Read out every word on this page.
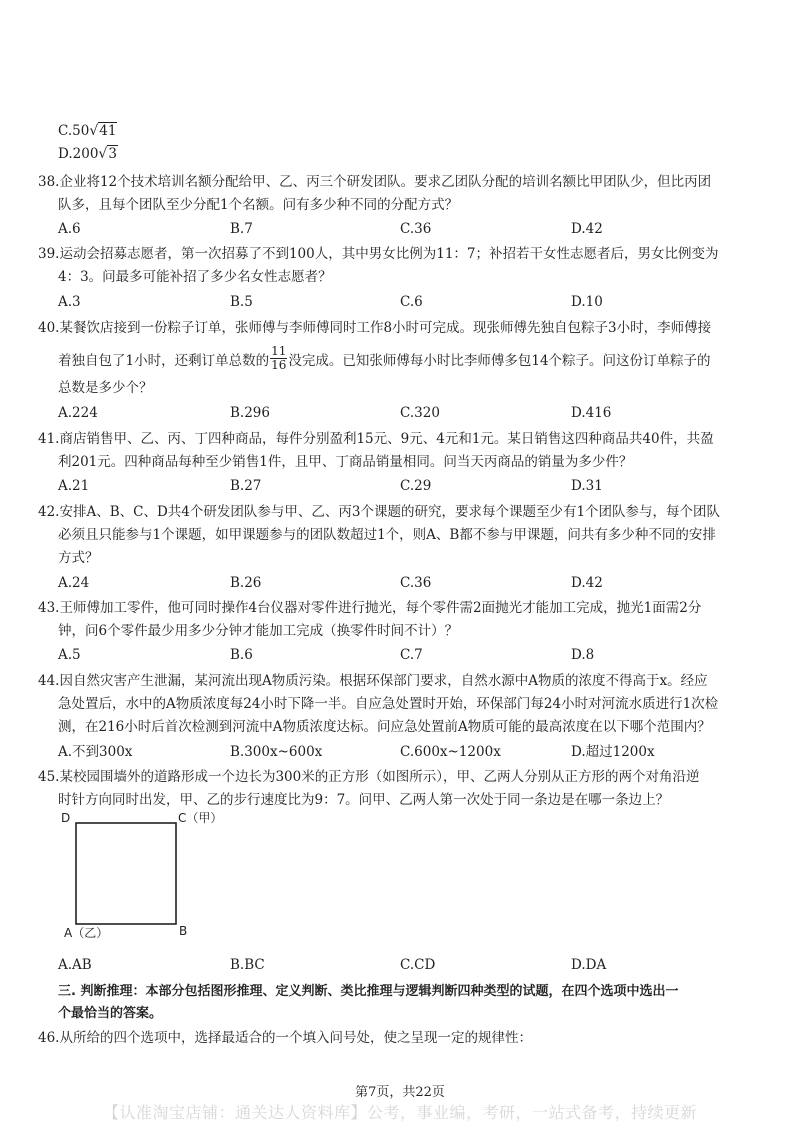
C.50√41
D.200√3
38.企业将12个技术培训名额分配给甲、乙、丙三个研发团队。要求乙团队分配的培训名额比甲团队少，但比丙团
队多，且每个团队至少分配1个名额。问有多少种不同的分配方式？
A.6	B.7	C.36	D.42
39.运动会招募志愿者，第一次招募了不到100人，其中男女比例为11：7；补招若干女性志愿者后，男女比例变为
4：3。问最多可能补招了多少名女性志愿者？
A.3	B.5	C.6	D.10
40.某餐饮店接到一份粽子订单，张师傅与李师傅同时工作8小时可完成。现张师傅先独自包粽子3小时，李师傅接
着独自包了1小时，还剩订单总数的 $\frac{11}{16}$ 没完成。已知张师傅每小时比李师傅多包14个粽子。问这份订单粽子的
总数是多少个？
A.224	B.296	C.320	D.416
41.商店销售甲、乙、丙、丁四种商品，每件分别盈利15元、9元、4元和1元。某日销售这四种商品共40件，共盈
利201元。四种商品每种至少销售1件，且甲、丁商品销量相同。问当天丙商品的销量为多少件？
A.21	B.27	C.29	D.31
42.安排A、B、C、D共4个研发团队参与甲、乙、丙3个课题的研究，要求每个课题至少有1个团队参与，每个团队
必须且只能参与1个课题，如甲课题参与的团队数超过1个，则A、B都不参与甲课题，问共有多少种不同的安排
方式？
A.24	B.26	C.36	D.42
43.王师傅加工零件，他可同时操作4台仪器对零件进行抛光，每个零件需2面抛光才能加工完成，抛光1面需2分
钟，问6个零件最少用多少分钟才能加工完成（换零件时间不计）？
A.5	B.6	C.7	D.8
44.因自然灾害产生泄漏，某河流出现A物质污染。根据环保部门要求，自然水源中A物质的浓度不得高于x。经应
急处置后，水中的A物质浓度每24小时下降一半。自应急处置时开始，环保部门每24小时对河流水质进行1次检
测，在216小时后首次检测到河流中A物质浓度达标。问应急处置前A物质可能的最高浓度在以下哪个范围内？
A.不到300x	B.300x~600x	C.600x~1200x	D.超过1200x
45.某校园围墙外的道路形成一个边长为300米的正方形（如图所示），甲、乙两人分别从正方形的两个对角沿逆
时针方向同时出发，甲、乙的步行速度比为9：7。问甲、乙两人第一次处于同一条边是在哪一条边上？
D	C（甲）
A（乙）	B
A.AB	B.BC	C.CD	D.DA
三. 判断推理：本部分包括图形推理、定义判断、类比推理与逻辑判断四种类型的试题，在四个选项中选出一
个最恰当的答案。
46.从所给的四个选项中，选择最适合的一个填入问号处，使之呈现一定的规律性：
第7页，共22页
【认准淘宝店铺：通关达人资料库】公考，事业编，考研，一站式备考，持续更新
